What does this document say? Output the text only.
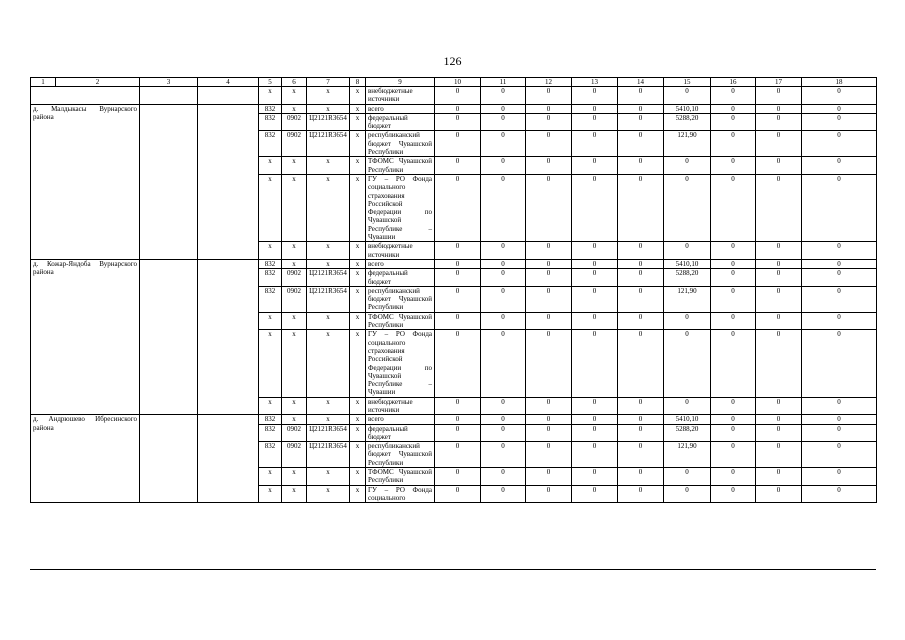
126
1	2	3	4	5	6	7	8	9	10	11	12	13	14	15	16	17	18
				x	x	x	x	внебюджетные источники	0	0	0	0	0	0	0	0	0
д. Малдыкасы Вурнарского района				832	x	x	x	всего	0	0	0	0	0	5410,10	0	0	0
				832	0902	Ц2121R3654	x	федеральный бюджет	0	0	0	0	0	5288,20	0	0	0
				832	0902	Ц2121R3654	x	республиканский бюджет Чувашской Республики	0	0	0	0	0	121,90	0	0	0
				x	x	x	x	ТФОМС Чувашской Республики	0	0	0	0	0	0	0	0	0
				x	x	x	x	ГУ – РО Фонда социального страхования Российской Федерации по Чувашской Республике – Чувашии	0	0	0	0	0	0	0	0	0
				x	x	x	x	внебюджетные источники	0	0	0	0	0	0	0	0	0
д. Кожар-Яндоба Вурнарского района				832	x	x	x	всего	0	0	0	0	0	5410,10	0	0	0
				832	0902	Ц2121R3654	x	федеральный бюджет	0	0	0	0	0	5288,20	0	0	0
				832	0902	Ц2121R3654	x	республиканский бюджет Чувашской Республики	0	0	0	0	0	121,90	0	0	0
				x	x	x	x	ТФОМС Чувашской Республики	0	0	0	0	0	0	0	0	0
				x	x	x	x	ГУ – РО Фонда социального страхования Российской Федерации по Чувашской Республике – Чувашии	0	0	0	0	0	0	0	0	0
				x	x	x	x	внебюджетные источники	0	0	0	0	0	0	0	0	0
д. Андрюшево Ибресинского района				832	x	x	x	всего	0	0	0	0	0	5410,10	0	0	0
				832	0902	Ц2121R3654	x	федеральный бюджет	0	0	0	0	0	5288,20	0	0	0
				832	0902	Ц2121R3654	x	республиканский бюджет Чувашской Республики	0	0	0	0	0	121,90	0	0	0
				x	x	x	x	ТФОМС Чувашской Республики	0	0	0	0	0	0	0	0	0
				x	x	x	x	ГУ – РО Фонда социального	0	0	0	0	0	0	0	0	0
